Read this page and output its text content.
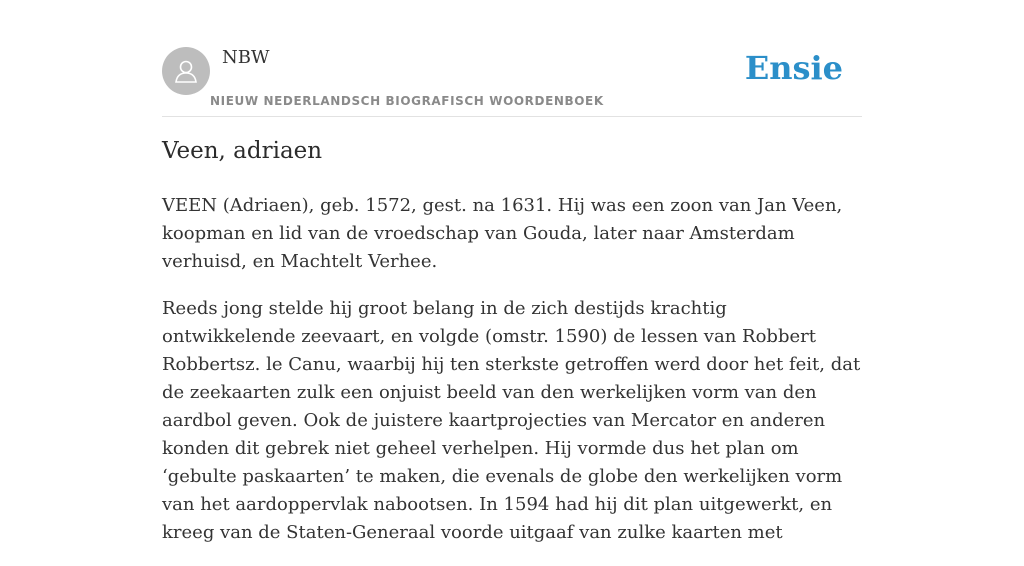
NBW
NIEUW NEDERLANDSCH BIOGRAFISCH WOORDENBOEK
Ensie
Veen, adriaen

VEEN (Adriaen), geb. 1572, gest. na 1631. Hij was een zoon van Jan Veen, koopman en lid van de vroedschap van Gouda, later naar Amsterdam verhuisd, en Machtelt Verhee.

Reeds jong stelde hij groot belang in de zich destijds krachtig ontwikkelende zeevaart, en volgde (omstr. 1590) de lessen van Robbert Robbertsz. le Canu, waarbij hij ten sterkste getroffen werd door het feit, dat de zeekaarten zulk een onjuist beeld van den werkelijken vorm van den aardbol geven. Ook de juistere kaartprojecties van Mercator en anderen konden dit gebrek niet geheel verhelpen. Hij vormde dus het plan om ‘gebulte paskaarten’ te maken, die evenals de globe den werkelijken vorm van het aardoppervlak nabootsen. In 1594 had hij dit plan uitgewerkt, en kreeg van de Staten-Generaal voorde uitgaaf van zulke kaarten met
